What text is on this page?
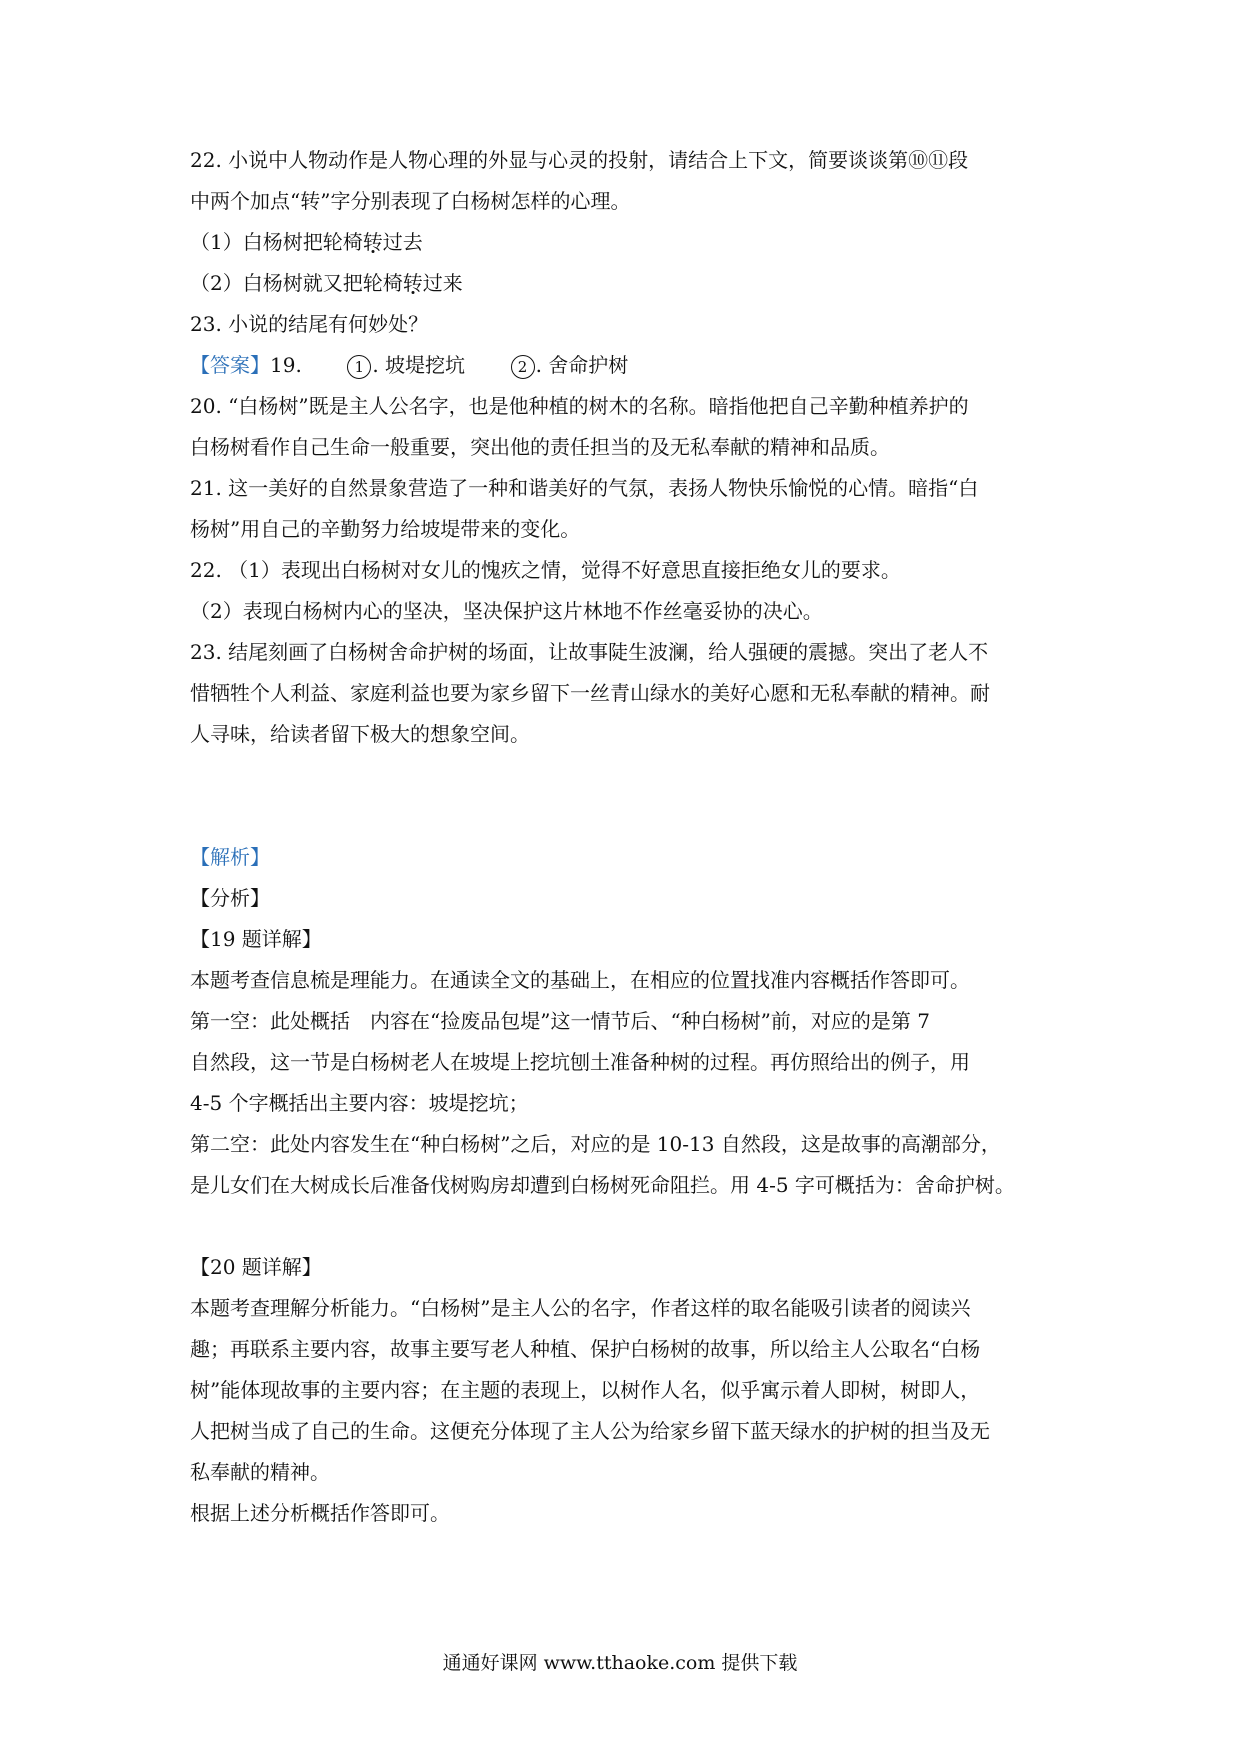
22. 小说中人物动作是人物心理的外显与心灵的投射，请结合上下文，简要谈谈第⑩⑪段

中两个加点“转”字分别表现了白杨树怎样的心理。

（1）白杨树把轮椅转过去

（2）白杨树就又把轮椅转过来

23. 小说的结尾有何妙处？

【答案】19.	1 . 坡堤挖坑	2 . 舍命护树

20. “白杨树”既是主人公名字，也是他种植的树木的名称。暗指他把自己辛勤种植养护的

白杨树看作自己生命一般重要，突出他的责任担当的及无私奉献的精神和品质。

21. 这一美好的自然景象营造了一种和谐美好的气氛，表扬人物快乐愉悦的心情。暗指“白

杨树”用自己的辛勤努力给坡堤带来的变化。

22. （1）表现出白杨树对女儿的愧疚之情，觉得不好意思直接拒绝女儿的要求。

（2）表现白杨树内心的坚决，坚决保护这片林地不作丝毫妥协的决心。

23. 结尾刻画了白杨树舍命护树的场面，让故事陡生波澜，给人强硬的震撼。突出了老人不

惜牺牲个人利益、家庭利益也要为家乡留下一丝青山绿水的美好心愿和无私奉献的精神。耐

人寻味，给读者留下极大的想象空间。

【解析】

【分析】

【19 题详解】

本题考查信息梳是理能力。在通读全文的基础上，在相应的位置找准内容概括作答即可。

第一空：此处概括　内容在“捡废品包堤”这一情节后、“种白杨树”前，对应的是第 7

自然段，这一节是白杨树老人在坡堤上挖坑刨土准备种树的过程。再仿照给出的例子，用

4-5 个字概括出主要内容：坡堤挖坑；

第二空：此处内容发生在“种白杨树”之后，对应的是 10-13 自然段，这是故事的高潮部分，

是儿女们在大树成长后准备伐树购房却遭到白杨树死命阻拦。用 4-5 字可概括为：舍命护树。

【20 题详解】

本题考查理解分析能力。“白杨树”是主人公的名字，作者这样的取名能吸引读者的阅读兴

趣；再联系主要内容，故事主要写老人种植、保护白杨树的故事，所以给主人公取名“白杨

树”能体现故事的主要内容；在主题的表现上，以树作人名，似乎寓示着人即树，树即人，

人把树当成了自己的生命。这便充分体现了主人公为给家乡留下蓝天绿水的护树的担当及无

私奉献的精神。

根据上述分析概括作答即可。

通通好课网 www.tthaoke.com 提供下载
